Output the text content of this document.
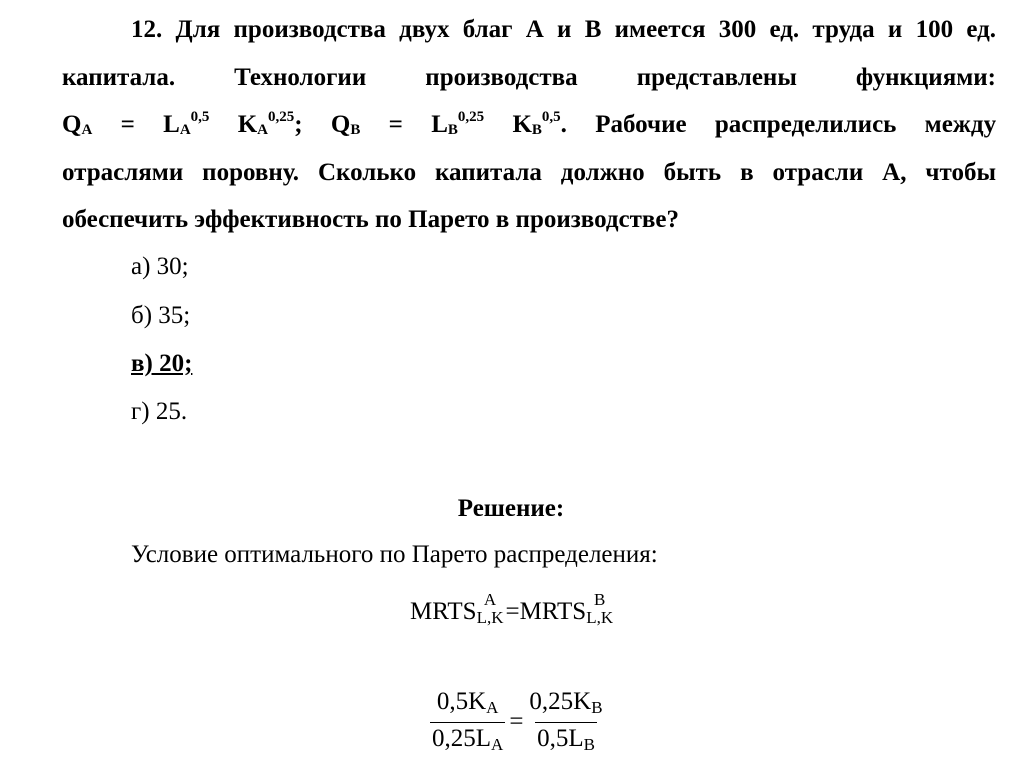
12. Для производства двух благ А и В имеется 300 ед. труда и 100 ед.
капитала. Технологии производства представлены функциями:
$Q_A = L_A^{0,5}$ $K_A^{0,25}$; $Q_B = L_B^{0,25}$ $K_B^{0,5}$. Рабочие распределились между
отраслями поровну. Сколько капитала должно быть в отрасли А, чтобы
обеспечить эффективность по Парето в производстве?

а) 30;

б) 35;

в) 20;

г) 25.

Решение:

Условие оптимального по Парето распределения:

MRTS A
L,K = MRTS B
L,K
$\frac{0,5KA}{0,25LA} = \frac{0,25KB}{0,5LB}$
